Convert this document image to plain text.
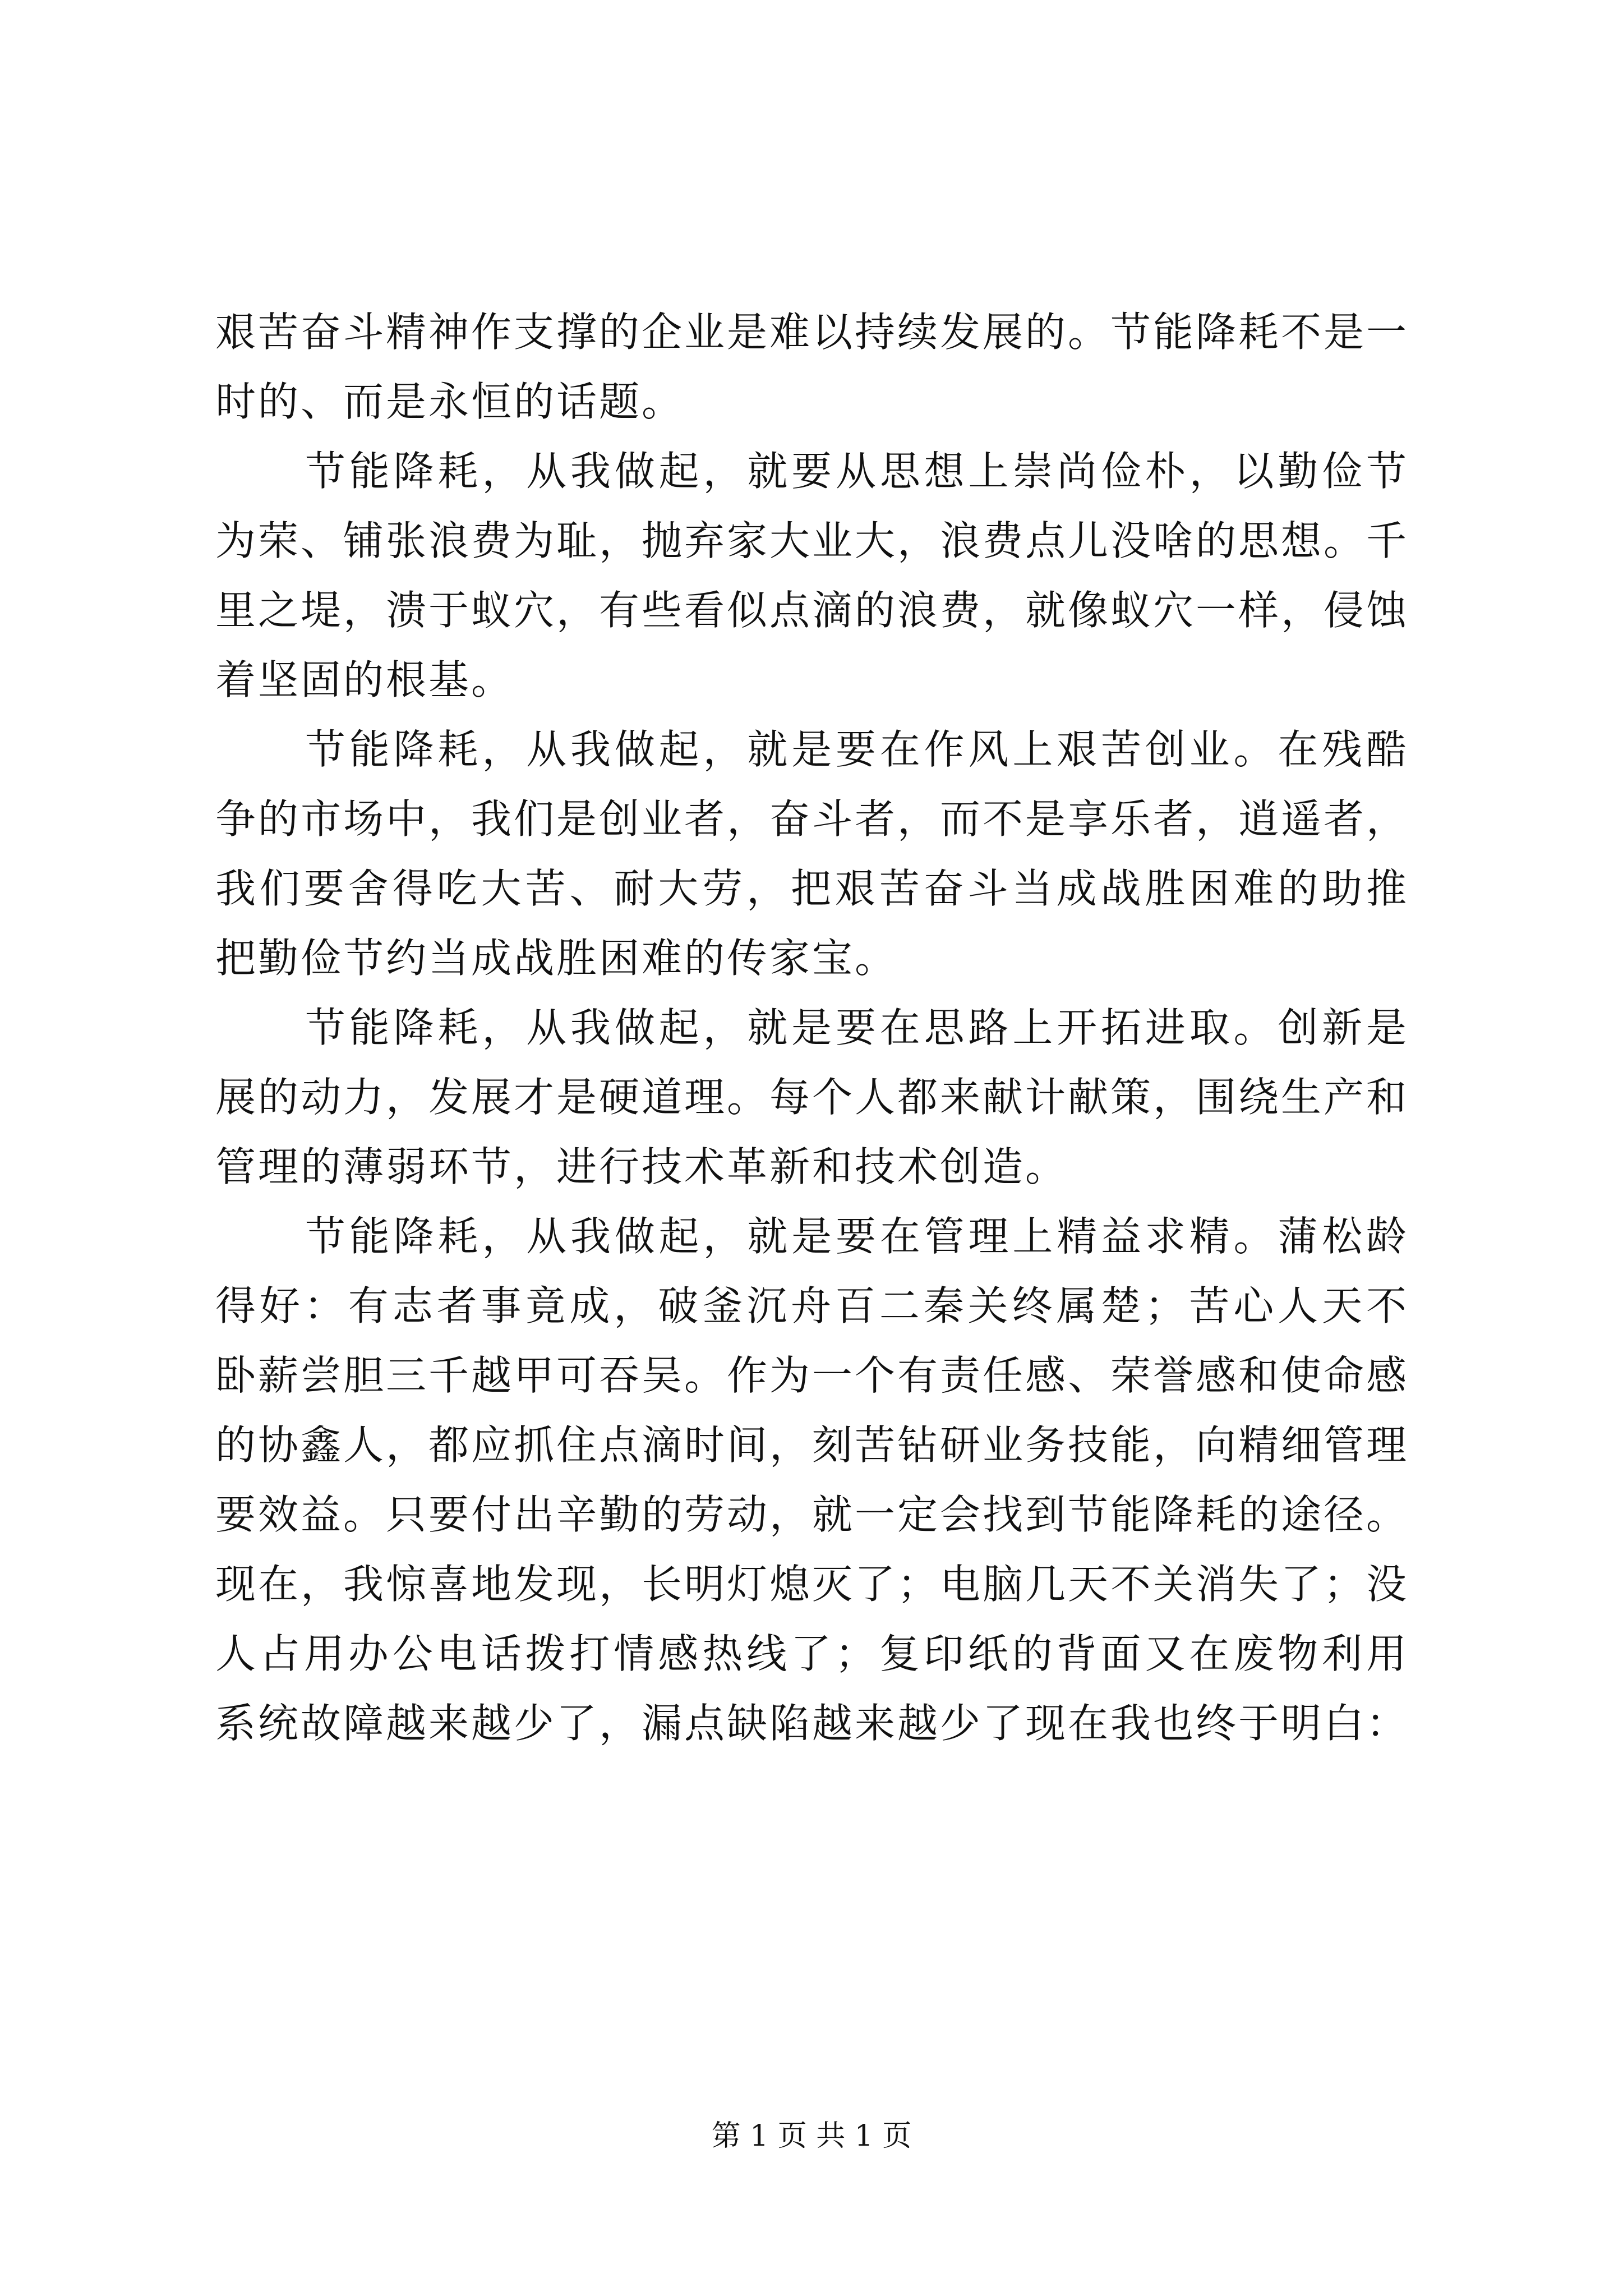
艰苦奋斗精神作支撑的企业是难以持续发展的。节能降耗不是一
时的、而是永恒的话题。
节能降耗，从我做起，就要从思想上崇尚俭朴，以勤俭节
为荣、铺张浪费为耻，抛弃家大业大，浪费点儿没啥的思想。千
里之堤，溃于蚁穴，有些看似点滴的浪费，就像蚁穴一样，侵蚀
着坚固的根基。
节能降耗，从我做起，就是要在作风上艰苦创业。在残酷
争的市场中，我们是创业者，奋斗者，而不是享乐者，逍遥者，
我们要舍得吃大苦、耐大劳，把艰苦奋斗当成战胜困难的助推
把勤俭节约当成战胜困难的传家宝。
节能降耗，从我做起，就是要在思路上开拓进取。创新是
展的动力，发展才是硬道理。每个人都来献计献策，围绕生产和
管理的薄弱环节，进行技术革新和技术创造。
节能降耗，从我做起，就是要在管理上精益求精。蒲松龄
得好：有志者事竟成，破釜沉舟百二秦关终属楚；苦心人天不
卧薪尝胆三千越甲可吞吴。作为一个有责任感、荣誉感和使命感
的协鑫人，都应抓住点滴时间，刻苦钻研业务技能，向精细管理
要效益。只要付出辛勤的劳动，就一定会找到节能降耗的途径。
现在，我惊喜地发现，长明灯熄灭了；电脑几天不关消失了；没
人占用办公电话拨打情感热线了；复印纸的背面又在废物利用
系统故障越来越少了，漏点缺陷越来越少了现在我也终于明白：
第 1 页 共 1 页
